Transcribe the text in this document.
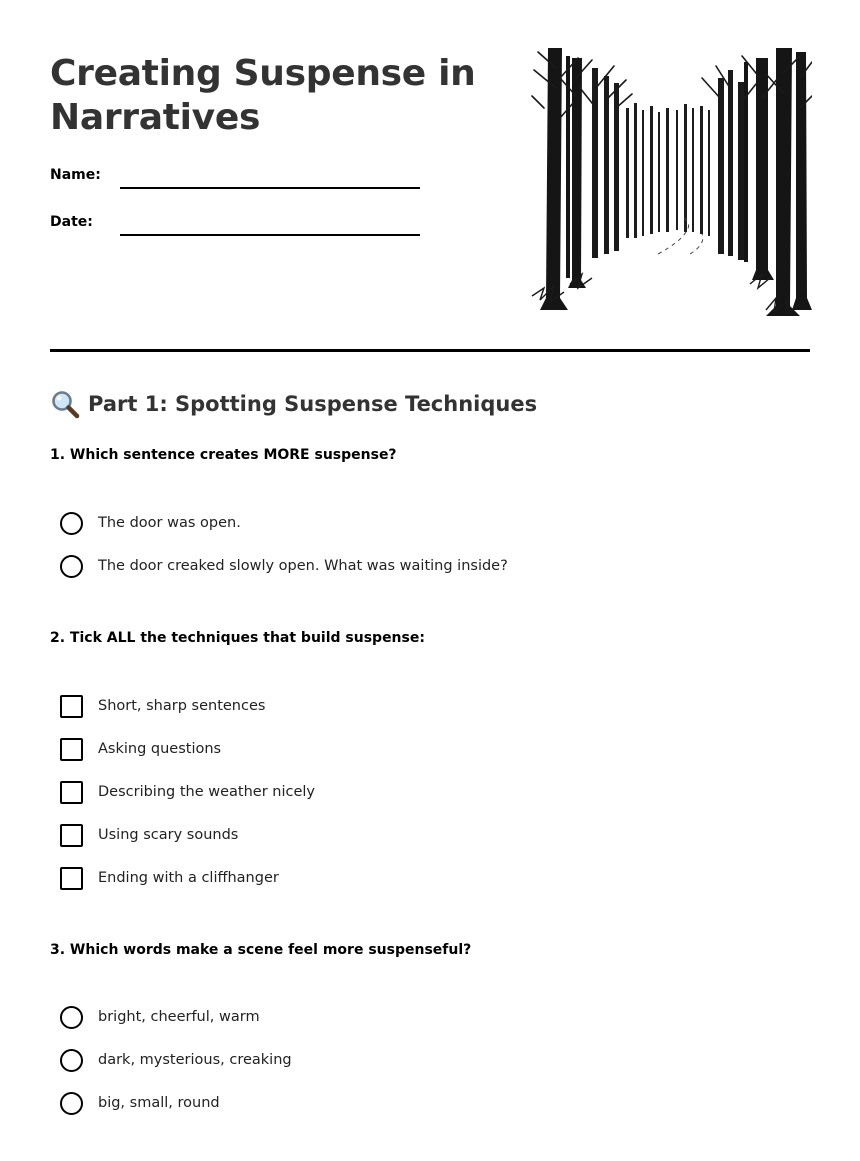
Creating Suspense in Narratives
Name:
Date:
Part 1: Spotting Suspense Techniques
1. Which sentence creates MORE suspense?
The door was open.
The door creaked slowly open. What was waiting inside?
2. Tick ALL the techniques that build suspense:
Short, sharp sentences
Asking questions
Describing the weather nicely
Using scary sounds
Ending with a cliffhanger
3. Which words make a scene feel more suspenseful?
bright, cheerful, warm
dark, mysterious, creaking
big, small, round
